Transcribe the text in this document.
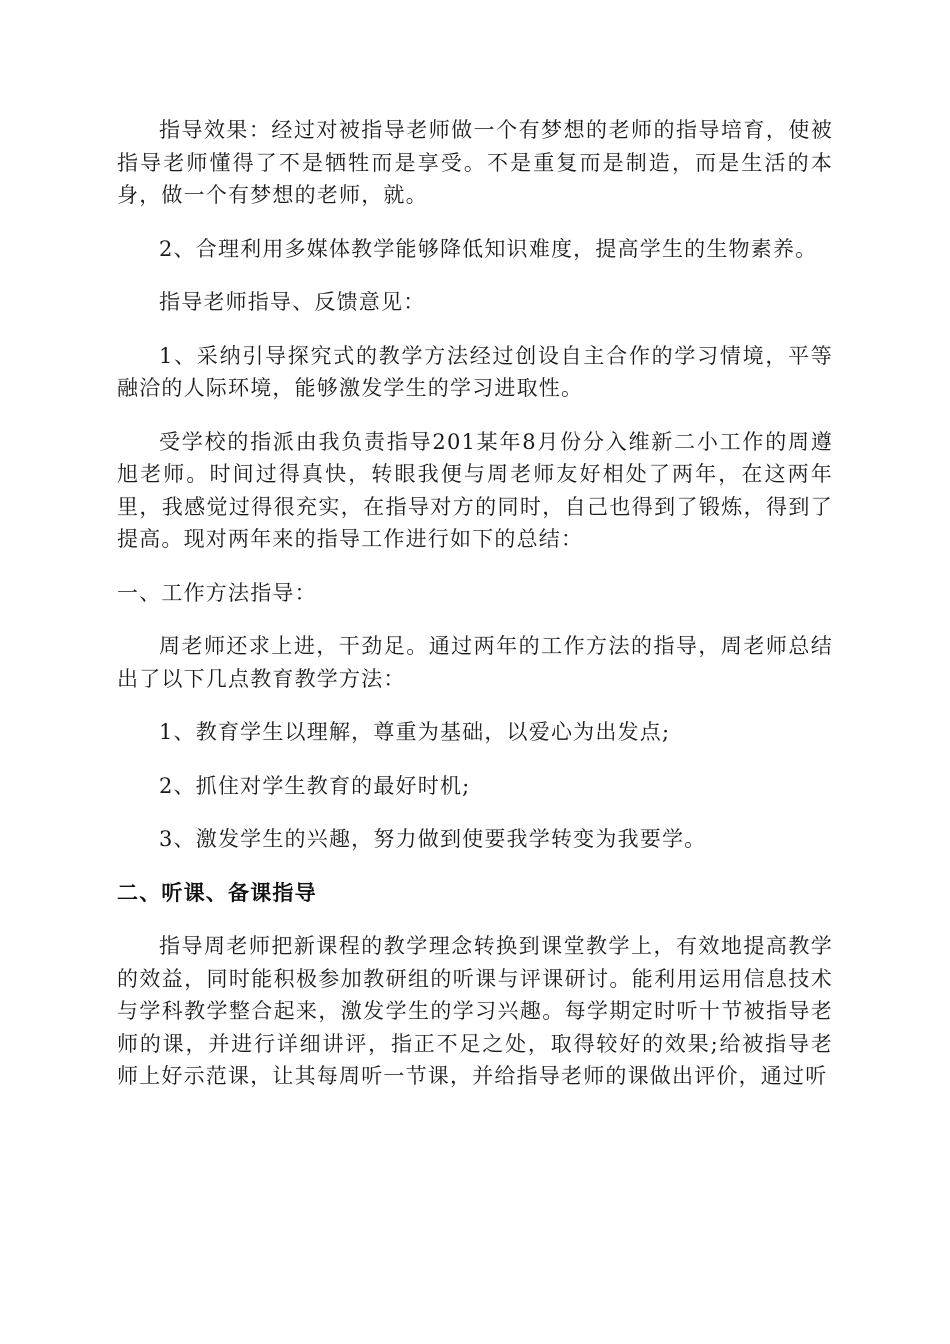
指导效果：经过对被指导老师做一个有梦想的老师的指导培育，使被指导老师懂得了不是牺牲而是享受。不是重复而是制造，而是生活的本身，做一个有梦想的老师，就。

2、合理利用多媒体教学能够降低知识难度，提高学生的生物素养。

指导老师指导、反馈意见：

1、采纳引导探究式的教学方法经过创设自主合作的学习情境，平等融洽的人际环境，能够激发学生的学习进取性。

受学校的指派由我负责指导201某年8月份分入维新二小工作的周遵旭老师。时间过得真快，转眼我便与周老师友好相处了两年，在这两年里，我感觉过得很充实，在指导对方的同时，自己也得到了锻炼，得到了提高。现对两年来的指导工作进行如下的总结：

一、工作方法指导：

周老师还求上进，干劲足。通过两年的工作方法的指导，周老师总结出了以下几点教育教学方法：

1、教育学生以理解，尊重为基础，以爱心为出发点;

2、抓住对学生教育的最好时机;

3、激发学生的兴趣，努力做到使要我学转变为我要学。

二、听课、备课指导

指导周老师把新课程的教学理念转换到课堂教学上，有效地提高教学的效益，同时能积极参加教研组的听课与评课研讨。能利用运用信息技术与学科教学整合起来，激发学生的学习兴趣。每学期定时听十节被指导老师的课，并进行详细讲评，指正不足之处，取得较好的效果;给被指导老师上好示范课，让其每周听一节课，并给指导老师的课做出评价，通过听
